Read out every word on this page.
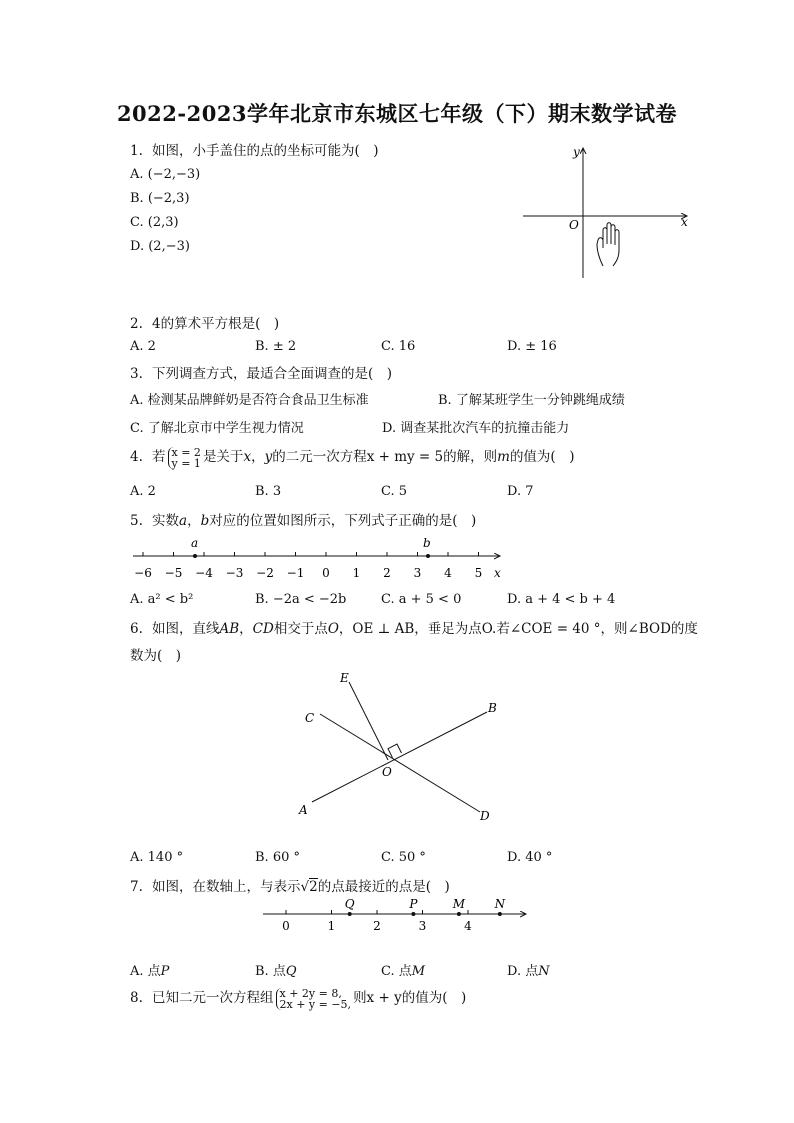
2022-2023学年北京市东城区七年级（下）期末数学试卷
1. 如图，小手盖住的点的坐标可能为(　)
A. (−2,−3)
B. (−2,3)
C. (2,3)
D. (2,−3)
x
y
O
2. 4的算术平方根是(　)
A. 2	B. ± 2	C. 16	D. ± 16
3. 下列调查方式，最适合全面调查的是(　)
A. 检测某品牌鲜奶是否符合食品卫生标准	B. 了解某班学生一分钟跳绳成绩
C. 了解北京市中学生视力情况	D. 调查某批次汽车的抗撞击能力
4. 若 x = 2
y = 1 是关于x，y的二元一次方程x + my = 5的解，则m的值为(　)
A. 2	B. 3	C. 5	D. 7
5. 实数a，b对应的位置如图所示，下列式子正确的是(　)
−6 −5 −4 −3 −2 −1 0 1 2 3 4 5 x
a	b
A. a² < b²	B. −2a < −2b	C. a + 5 < 0	D. a + 4 < b + 4
6. 如图，直线AB，CD相交于点O，OE ⊥ AB，垂足为点O.若∠COE = 40 °，则∠BOD的度
数为(　)
A
B
C
D
E
O
A. 140 °	B. 60 °	C. 50 °	D. 40 °
7. 如图，在数轴上，与表示√2的点最接近的点是(　)
0	1	2	3	4
Q	P	M N
A. 点P	B. 点Q	C. 点M	D. 点N
8. 已知二元一次方程组 x + 2y = 8,
2x + y = −5, 则x + y的值为(　)
